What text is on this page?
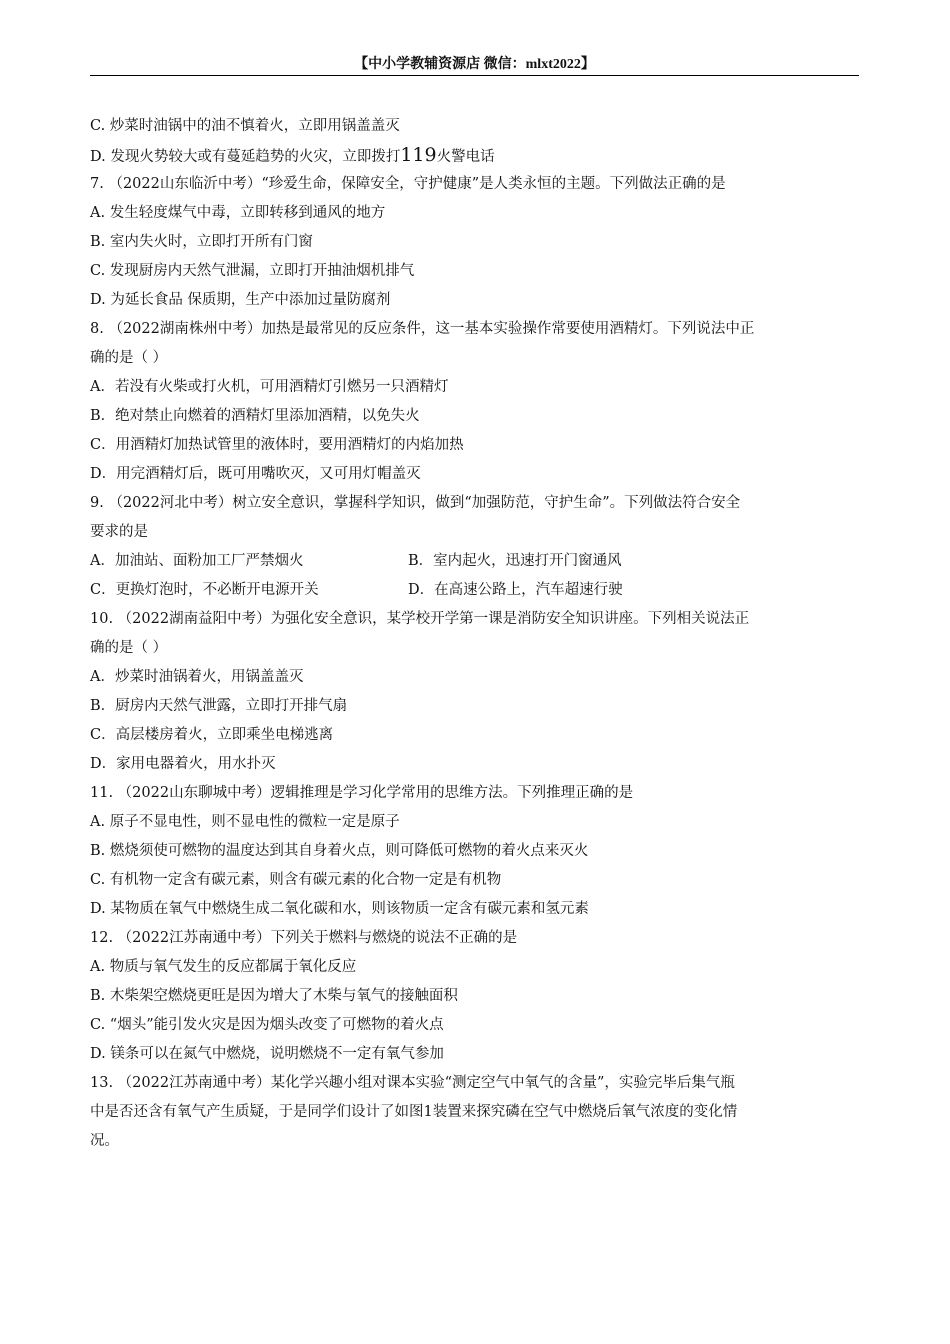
【中小学教辅资源店 微信：mlxt2022】
C. 炒菜时油锅中的油不慎着火，立即用锅盖盖灭
D. 发现火势较大或有蔓延趋势的火灾，立即拨打119火警电话
7. （2022山东临沂中考）“珍爱生命，保障安全，守护健康”是人类永恒的主题。下列做法正确的是
A. 发生轻度煤气中毒，立即转移到通风的地方
B. 室内失火时，立即打开所有门窗
C. 发现厨房内天然气泄漏，立即打开抽油烟机排气
D. 为延长食品 保质期，生产中添加过量防腐剂
8. （2022湖南株州中考）加热是最常见的反应条件，这一基本实验操作常要使用酒精灯。下列说法中正
确的是（ ）
A．若没有火柴或打火机，可用酒精灯引燃另一只酒精灯
B．绝对禁止向燃着的酒精灯里添加酒精，以免失火
C．用酒精灯加热试管里的液体时，要用酒精灯的内焰加热
D．用完酒精灯后，既可用嘴吹灭，又可用灯帽盖灭
9. （2022河北中考）树立安全意识，掌握科学知识，做到“加强防范，守护生命”。下列做法符合安全
要求的是
A．加油站、面粉加工厂严禁烟火	B．室内起火，迅速打开门窗通风
C．更换灯泡时，不必断开电源开关	D．在高速公路上，汽车超速行驶
10. （2022湖南益阳中考）为强化安全意识，某学校开学第一课是消防安全知识讲座。下列相关说法正
确的是（ ）
A．炒菜时油锅着火，用锅盖盖灭
B．厨房内天然气泄露，立即打开排气扇
C．高层楼房着火，立即乘坐电梯逃离
D．家用电器着火，用水扑灭
11. （2022山东聊城中考）逻辑推理是学习化学常用的思维方法。下列推理正确的是
A. 原子不显电性，则不显电性的微粒一定是原子
B. 燃烧须使可燃物的温度达到其自身着火点，则可降低可燃物的着火点来灭火
C. 有机物一定含有碳元素，则含有碳元素的化合物一定是有机物
D. 某物质在氧气中燃烧生成二氧化碳和水，则该物质一定含有碳元素和氢元素
12. （2022江苏南通中考）下列关于燃料与燃烧的说法不正确的是
A. 物质与氧气发生的反应都属于氧化反应
B. 木柴架空燃烧更旺是因为增大了木柴与氧气的接触面积
C. “烟头”能引发火灾是因为烟头改变了可燃物的着火点
D. 镁条可以在氮气中燃烧，说明燃烧不一定有氧气参加
13. （2022江苏南通中考）某化学兴趣小组对课本实验“测定空气中氧气的含量”，实验完毕后集气瓶
中是否还含有氧气产生质疑，于是同学们设计了如图1装置来探究磷在空气中燃烧后氧气浓度的变化情
况。
